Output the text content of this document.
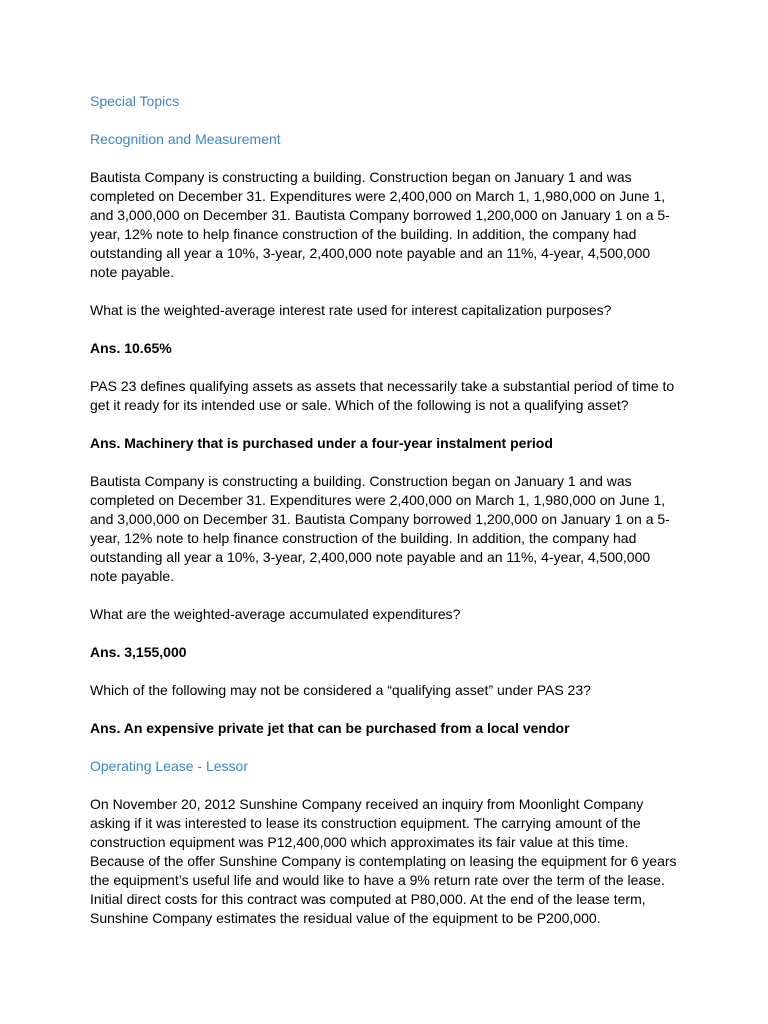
Special Topics
Recognition and Measurement
Bautista Company is constructing a building. Construction began on January 1 and was completed on December 31. Expenditures were 2,400,000 on March 1, 1,980,000 on June 1, and 3,000,000 on December 31. Bautista Company borrowed 1,200,000 on January 1 on a 5-year, 12% note to help finance construction of the building. In addition, the company had outstanding all year a 10%, 3-year, 2,400,000 note payable and an 11%, 4-year, 4,500,000 note payable.
What is the weighted-average interest rate used for interest capitalization purposes?
Ans. 10.65%
PAS 23 defines qualifying assets as assets that necessarily take a substantial period of time to get it ready for its intended use or sale. Which of the following is not a qualifying asset?
Ans. Machinery that is purchased under a four-year instalment period
Bautista Company is constructing a building. Construction began on January 1 and was completed on December 31. Expenditures were 2,400,000 on March 1, 1,980,000 on June 1, and 3,000,000 on December 31. Bautista Company borrowed 1,200,000 on January 1 on a 5-year, 12% note to help finance construction of the building. In addition, the company had outstanding all year a 10%, 3-year, 2,400,000 note payable and an 11%, 4-year, 4,500,000 note payable.
What are the weighted-average accumulated expenditures?
Ans. 3,155,000
Which of the following may not be considered a “qualifying asset” under PAS 23?
Ans. An expensive private jet that can be purchased from a local vendor
Operating Lease - Lessor
On November 20, 2012 Sunshine Company received an inquiry from Moonlight Company asking if it was interested to lease its construction equipment. The carrying amount of the construction equipment was P12,400,000 which approximates its fair value at this time. Because of the offer Sunshine Company is contemplating on leasing the equipment for 6 years the equipment’s useful life and would like to have a 9% return rate over the term of the lease. Initial direct costs for this contract was computed at P80,000. At the end of the lease term, Sunshine Company estimates the residual value of the equipment to be P200,000.
